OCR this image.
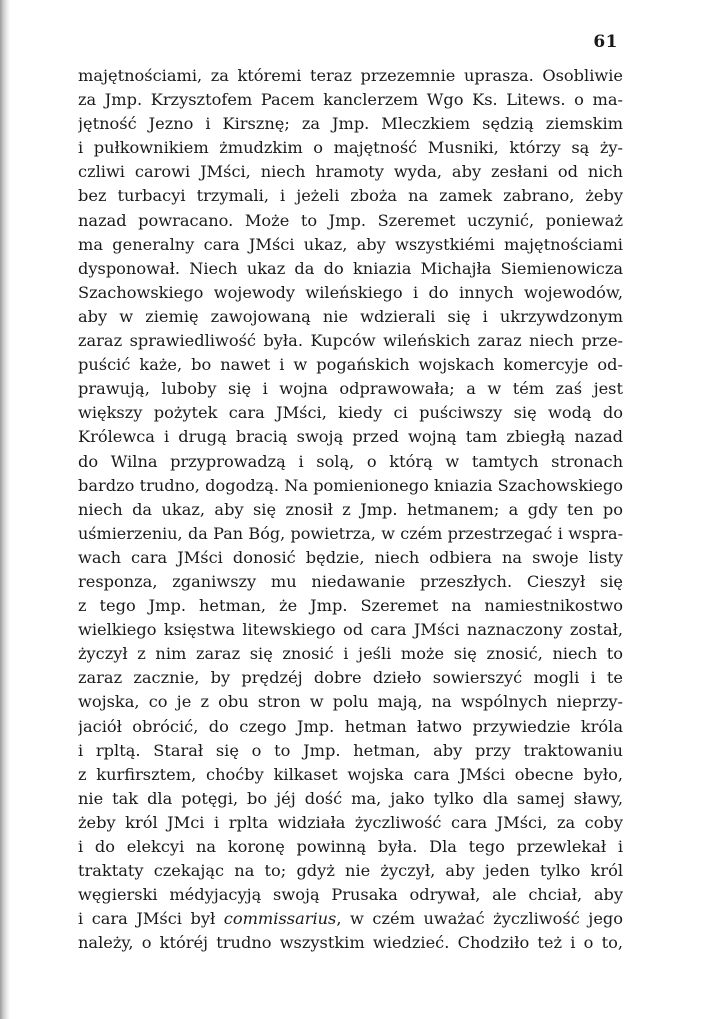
61
majętnościami, za któremi teraz przezemnie uprasza. Osobliwie
za Jmp. Krzysztofem Pacem kanclerzem Wgo Ks. Litews. o ma-
jętność Jezno i Kirsznę; za Jmp. Mleczkiem sędzią ziemskim
i pułkownikiem żmudzkim o majętność Musniki, którzy są ży-
czliwi carowi JMści, niech hramoty wyda, aby zesłani od nich
bez turbacyi trzymali, i jeżeli zboża na zamek zabrano, żeby
nazad powracano. Może to Jmp. Szeremet uczynić, ponieważ
ma generalny cara JMści ukaz, aby wszystkiémi majętnościami
dysponował. Niech ukaz da do kniazia Michajła Siemienowicza
Szachowskiego wojewody wileńskiego i do innych wojewodów,
aby w ziemię zawojowaną nie wdzierali się i ukrzywdzonym
zaraz sprawiedliwość była. Kupców wileńskich zaraz niech prze-
puścić każe, bo nawet i w pogańskich wojskach komercyje od-
prawują, luboby się i wojna odprawowała; a w tém zaś jest
większy pożytek cara JMści, kiedy ci puściwszy się wodą do
Królewca i drugą bracią swoją przed wojną tam zbiegłą nazad
do Wilna przyprowadzą i solą, o którą w tamtych stronach
bardzo trudno, dogodzą. Na pomienionego kniazia Szachowskiego
niech da ukaz, aby się znosił z Jmp. hetmanem; a gdy ten po
uśmierzeniu, da Pan Bóg, powietrza, w czém przestrzegać i wspra-
wach cara JMści donosić będzie, niech odbiera na swoje listy
responza, zganiwszy mu niedawanie przeszłych. Cieszył się
z tego Jmp. hetman, że Jmp. Szeremet na namiestnikostwo
wielkiego księstwa litewskiego od cara JMści naznaczony został,
życzył z nim zaraz się znosić i jeśli może się znosić, niech to
zaraz zacznie, by prędzéj dobre dzieło sowierszyć mogli i te
wojska, co je z obu stron w polu mają, na wspólnych nieprzy-
jaciół obrócić, do czego Jmp. hetman łatwo przywiedzie króla
i rpltą. Starał się o to Jmp. hetman, aby przy traktowaniu
z kurfirsztem, choćby kilkaset wojska cara JMści obecne było,
nie tak dla potęgi, bo jéj dość ma, jako tylko dla samej sławy,
żeby król JMci i rplta widziała życzliwość cara JMści, za coby
i do elekcyi na koronę powinną była. Dla tego przewlekał i
traktaty czekając na to; gdyż nie życzył, aby jeden tylko król
węgierski médyjacyją swoją Prusaka odrywał, ale chciał, aby
i cara JMści był commissarius, w czém uważać życzliwość jego
należy, o któréj trudno wszystkim wiedzieć. Chodziło też i o to,
